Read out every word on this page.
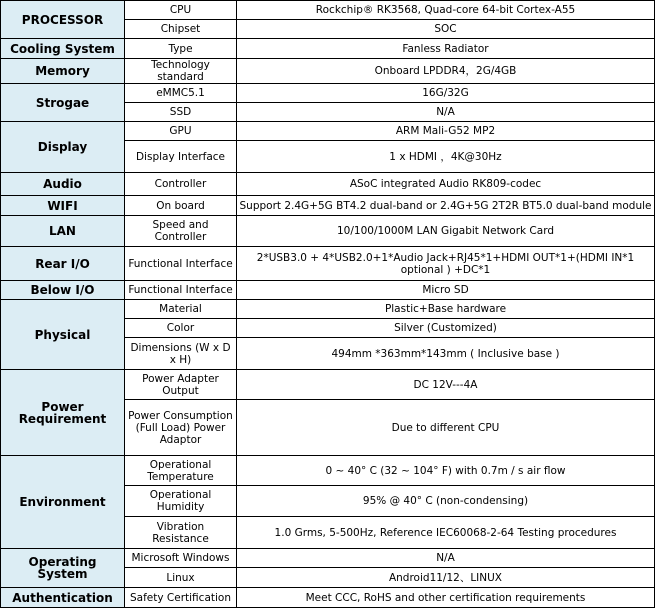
PROCESSOR	CPU	Rockchip® RK3568, Quad-core 64-bit Cortex-A55
	Chipset	SOC
Cooling System	Type	Fanless Radiator
Memory	Technology standard	Onboard LPDDR4，2G/4GB
Strogae	eMMC5.1	16G/32G
	SSD	N/A
Display	GPU	ARM Mali-G52 MP2
	Display Interface	1 x HDMI ，4K@30Hz
Audio	Controller	ASoC integrated Audio RK809-codec
WIFI	On board	Support 2.4G+5G BT4.2 dual-band or 2.4G+5G 2T2R BT5.0 dual-band module
LAN	Speed and Controller	10/100/1000M LAN Gigabit Network Card
Rear I/O	Functional Interface	2*USB3.0 + 4*USB2.0+1*Audio Jack+RJ45*1+HDMI OUT*1+(HDMI IN*1 optional ) +DC*1
Below I/O	Functional Interface	Micro SD
Physical	Material	Plastic+Base hardware
	Color	Silver (Customized)
	Dimensions (W x D x H)	494mm *363mm*143mm ( Inclusive base )
Power Requirement	Power Adapter Output	DC 12V---4A
	Power Consumption (Full Load) Power Adaptor	Due to different CPU
Environment	Operational Temperature	0 ~ 40° C (32 ~ 104° F) with 0.7m / s air flow
	Operational Humidity	95% @ 40° C (non-condensing)
	Vibration Resistance	1.0 Grms, 5-500Hz, Reference IEC60068-2-64 Testing procedures
Operating System	Microsoft Windows	N/A
	Linux	Android11/12、LINUX
Authentication	Safety Certification	Meet CCC, RoHS and other certification requirements
